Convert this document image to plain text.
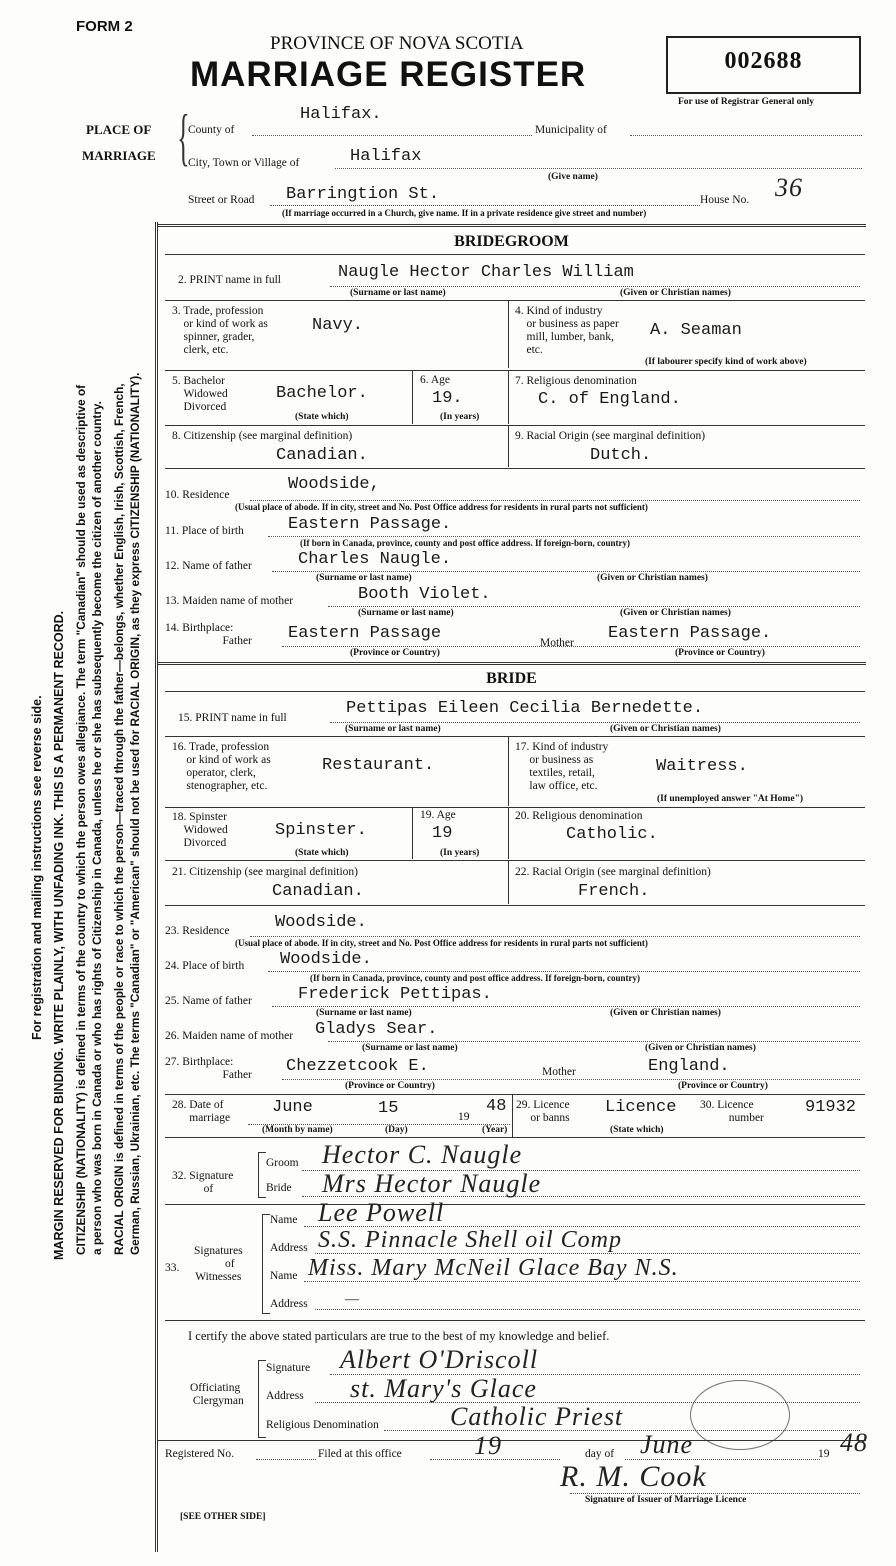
FORM 2
PROVINCE OF NOVA SCOTIA
MARRIAGE REGISTER	002688
For use of Registrar General only
PLACE OF
MARRIAGE {
County of
Halifax.
Municipality of
City, Town or Village of	Halifax
(Give name)
Street or Road Barringtion St.	House No. 36
(If marriage occurred in a Church, give name. If in a private residence give street and number)
For registration and mailing instructions see reverse side. MARGIN RESERVED FOR BINDING. WRITE PLAINLY, WITH UNFADING INK. THIS IS A PERMANENT RECORD. CITIZENSHIP (NATIONALITY) is defined in terms of the country to which the person owes allegiance. The term "Canadian" should be used as descriptive of a person who was born in Canada or who has rights of Citizenship in Canada, unless he or she has subsequently become the citizen of another country. RACIAL ORIGIN is defined in terms of the people or race to which the person—traced through the father—belongs, whether English, Irish, Scottish, French, German, Russian, Ukrainian, etc. The terms "Canadian" or "American" should not be used for RACIAL ORIGIN, as they express CITIZENSHIP (NATIONALITY).
BRIDEGROOM
2. PRINT name in full	Naugle Hector Charles William
(Surname or last name)	(Given or Christian names)
3. Trade, profession
or kind of work as
spinner, grader,
clerk, etc.
Navy.
4. Kind of industry
or business as paper
mill, lumber, bank,
etc.
A. Seaman
(If labourer specify kind of work above)
5. Bachelor
Widowed
Divorced
Bachelor.
(State which)
6. Age
19.
(In years)
7. Religious denomination
C. of England.
8. Citizenship (see marginal definition)
Canadian.
9. Racial Origin (see marginal definition)
Dutch.
10. Residence
Woodside,
(Usual place of abode. If in city, street and No. Post Office address for residents in rural parts not sufficient)
11. Place of birth	Eastern Passage.
(If born in Canada, province, county and post office address. If foreign-born, country)
12. Name of father	Charles Naugle.
(Surname or last name)	(Given or Christian names)
13. Maiden name of mother	Booth Violet.
(Surname or last name)	(Given or Christian names)
14. Birthplace:
Father Eastern Passage	Mother Eastern Passage.
(Province or Country)	(Province or Country)
BRIDE
15. PRINT name in full	Pettipas Eileen Cecilia Bernedette.
(Surname or last name)	(Given or Christian names)
16. Trade, profession
or kind of work as
operator, clerk,
stenographer, etc.
Restaurant.
17. Kind of industry
or business as
textiles, retail,
law office, etc.
Waitress.
(If unemployed answer "At Home")
18. Spinster
Widowed
Divorced
Spinster.
(State which)
19. Age
19
(In years)
20. Religious denomination
Catholic.
21. Citizenship (see marginal definition)
Canadian.
22. Racial Origin (see marginal definition)
French.
23. Residence	Woodside.
(Usual place of abode. If in city, street and No. Post Office address for residents in rural parts not sufficient)
24. Place of birth Woodside.
(If born in Canada, province, county and post office address. If foreign-born, country)
25. Name of father	Frederick Pettipas.
(Surname or last name)	(Given or Christian names)
26. Maiden name of mother Gladys Sear.
(Surname or last name)	(Given or Christian names)
27. Birthplace:
Father Chezzetcook E.	Mother	England.
(Province or Country)	(Province or Country)
28. Date of
marriage
June	15	19
48
(Month by name)	(Day)	(Year)
29. Licence
or banns
Licence
(State which)
30. Licence
number
91932
32. Signature
of
Groom Hector C. Naugle
Bride Mrs Hector Naugle
33.
Signatures
of
Witnesses
Name Lee Powell
Address S.S. Pinnacle Shell oil Comp
Name Miss. Mary McNeil Glace Bay N.S.
Address	—
I certify the above stated particulars are true to the best of my knowledge and belief.
Officiating
Clergyman
Signature Albert O'Driscoll
Address st. Mary's Glace
Religious Denomination	Catholic Priest
Registered No.	Filed at this office	19	day of June	19 48
R. M. Cook
Signature of Issuer of Marriage Licence
[SEE OTHER SIDE]
